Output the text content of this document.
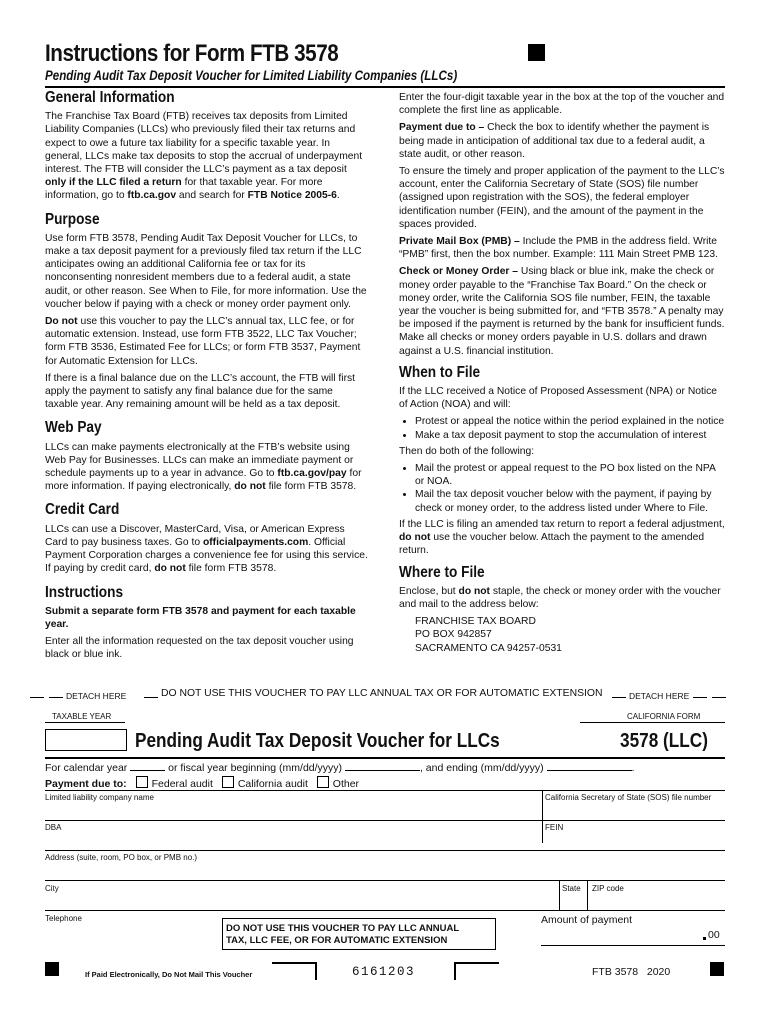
Instructions for Form FTB 3578
Pending Audit Tax Deposit Voucher for Limited Liability Companies (LLCs)
General Information

The Franchise Tax Board (FTB) receives tax deposits from Limited Liability Companies (LLCs) who previously filed their tax returns and expect to owe a future tax liability for a specific taxable year. In general, LLCs make tax deposits to stop the accrual of underpayment interest. The FTB will consider the LLC’s payment as a tax deposit only if the LLC filed a return for that taxable year. For more information, go to ftb.ca.gov and search for FTB Notice 2005-6.

Purpose

Use form FTB 3578, Pending Audit Tax Deposit Voucher for LLCs, to make a tax deposit payment for a previously filed tax return if the LLC anticipates owing an additional California fee or tax for its nonconsenting nonresident members due to a federal audit, a state audit, or other reason. See When to File, for more information. Use the voucher below if paying with a check or money order payment only.

Do not use this voucher to pay the LLC’s annual tax, LLC fee, or for automatic extension. Instead, use form FTB 3522, LLC Tax Voucher; form FTB 3536, Estimated Fee for LLCs; or form FTB 3537, Payment for Automatic Extension for LLCs.

If there is a final balance due on the LLC’s account, the FTB will first apply the payment to satisfy any final balance due for the same taxable year. Any remaining amount will be held as a tax deposit.

Web Pay

LLCs can make payments electronically at the FTB’s website using Web Pay for Businesses. LLCs can make an immediate payment or schedule payments up to a year in advance. Go to ftb.ca.gov/pay for more information. If paying electronically, do not file form FTB 3578.

Credit Card

LLCs can use a Discover, MasterCard, Visa, or American Express Card to pay business taxes. Go to officialpayments.com. Official Payment Corporation charges a convenience fee for using this service. If paying by credit card, do not file form FTB 3578.

Instructions

Submit a separate form FTB 3578 and payment for each taxable year.

Enter all the information requested on the tax deposit voucher using black or blue ink.

Enter the four-digit taxable year in the box at the top of the voucher and complete the first line as applicable.

Payment due to – Check the box to identify whether the payment is being made in anticipation of additional tax due to a federal audit, a state audit, or other reason.

To ensure the timely and proper application of the payment to the LLC’s account, enter the California Secretary of State (SOS) file number (assigned upon registration with the SOS), the federal employer identification number (FEIN), and the amount of the payment in the spaces provided.

Private Mail Box (PMB) – Include the PMB in the address field. Write “PMB” first, then the box number. Example: 111 Main Street PMB 123.

Check or Money Order – Using black or blue ink, make the check or money order payable to the “Franchise Tax Board.” On the check or money order, write the California SOS file number, FEIN, the taxable year the voucher is being submitted for, and “FTB 3578.” A penalty may be imposed if the payment is returned by the bank for insufficient funds. Make all checks or money orders payable in U.S. dollars and drawn against a U.S. financial institution.

When to File

If the LLC received a Notice of Proposed Assessment (NPA) or Notice of Action (NOA) and will:

• Protest or appeal the notice within the period explained in the notice
• Make a tax deposit payment to stop the accumulation of interest

Then do both of the following:

• Mail the protest or appeal request to the PO box listed on the NPA or NOA.
• Mail the tax deposit voucher below with the payment, if paying by check or money order, to the address listed under Where to File.

If the LLC is filing an amended tax return to report a federal adjustment, do not use the voucher below. Attach the payment to the amended return.

Where to File

Enclose, but do not staple, the check or money order with the voucher and mail to the address below:

FRANCHISE TAX BOARD
PO BOX 942857
SACRAMENTO CA 94257-0531
DETACH HERE	DO NOT USE THIS VOUCHER TO PAY LLC ANNUAL TAX OR FOR AUTOMATIC EXTENSION	DETACH HERE
TAXABLE YEAR	CALIFORNIA FORM
Pending Audit Tax Deposit Voucher for LLCs	3578 (LLC)
For calendar year	or fiscal year beginning (mm/dd/yyyy)	, and ending (mm/dd/yyyy)	.
Payment due to: Federal audit California audit Other
Limited liability company name	California Secretary of State (SOS) file number
DBA	FEIN
Address (suite, room, PO box, or PMB no.)
City	State ZIP code
Telephone
DO NOT USE THIS VOUCHER TO PAY LLC ANNUAL
TAX, LLC FEE, OR FOR AUTOMATIC EXTENSION
Amount of payment
00
If Paid Electronically, Do Not Mail This Voucher	6161203	FTB 3578   2020
